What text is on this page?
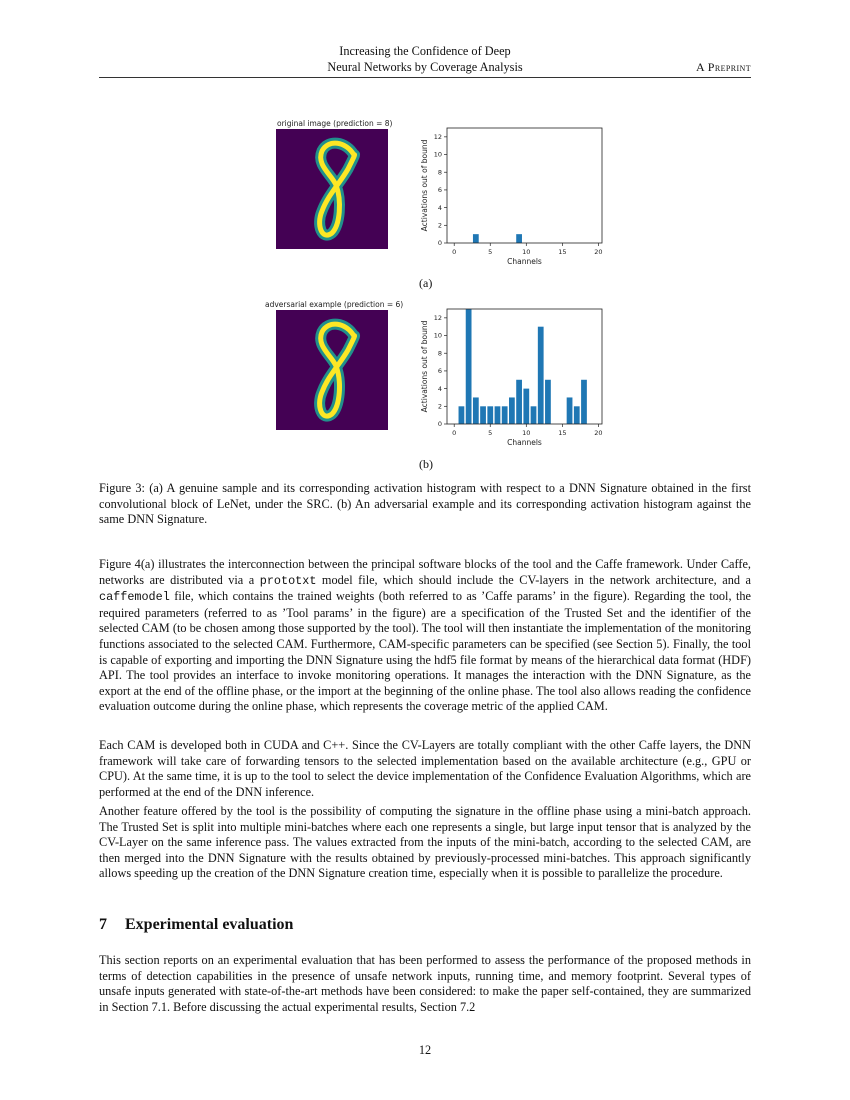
Increasing the Confidence of Deep
Neural Networks by Coverage Analysis	A Preprint
original image (prediction = 8)
0	5	10	15	20
0
2
4
6
8
10
12
Channels
Activations out of bound
(a)
adversarial example (prediction = 6)
0	5	10	15	20
0
2
4
6
8
10
12
Channels
Activations out of bound
(b)
Figure 3: (a) A genuine sample and its corresponding activation histogram with respect to a DNN Signature obtained in the first convolutional block of LeNet, under the SRC. (b) An adversarial example and its corresponding activation histogram against the same DNN Signature.
Figure 4(a) illustrates the interconnection between the principal software blocks of the tool and the Caffe framework. Under Caffe, networks are distributed via a prototxt model file, which should include the CV-layers in the network architecture, and a caffemodel file, which contains the trained weights (both referred to as ’Caffe params’ in the figure). Regarding the tool, the required parameters (referred to as ’Tool params’ in the figure) are a specification of the Trusted Set and the identifier of the selected CAM (to be chosen among those supported by the tool). The tool will then instantiate the implementation of the monitoring functions associated to the selected CAM. Furthermore, CAM-specific parameters can be specified (see Section 5). Finally, the tool is capable of exporting and importing the DNN Signature using the hdf5 file format by means of the hierarchical data format (HDF) API. The tool provides an interface to invoke monitoring operations. It manages the interaction with the DNN Signature, as the export at the end of the offline phase, or the import at the beginning of the online phase. The tool also allows reading the confidence evaluation outcome during the online phase, which represents the coverage metric of the applied CAM.
Each CAM is developed both in CUDA and C++. Since the CV-Layers are totally compliant with the other Caffe layers, the DNN framework will take care of forwarding tensors to the selected implementation based on the available architecture (e.g., GPU or CPU). At the same time, it is up to the tool to select the device implementation of the Confidence Evaluation Algorithms, which are performed at the end of the DNN inference.
Another feature offered by the tool is the possibility of computing the signature in the offline phase using a mini-batch approach. The Trusted Set is split into multiple mini-batches where each one represents a single, but large input tensor that is analyzed by the CV-Layer on the same inference pass. The values extracted from the inputs of the mini-batch, according to the selected CAM, are then merged into the DNN Signature with the results obtained by previously-processed mini-batches. This approach significantly allows speeding up the creation of the DNN Signature creation time, especially when it is possible to parallelize the procedure.
7 Experimental evaluation
This section reports on an experimental evaluation that has been performed to assess the performance of the proposed methods in terms of detection capabilities in the presence of unsafe network inputs, running time, and memory footprint. Several types of unsafe inputs generated with state-of-the-art methods have been considered: to make the paper self-contained, they are summarized in Section 7.1. Before discussing the actual experimental results, Section 7.2
12
